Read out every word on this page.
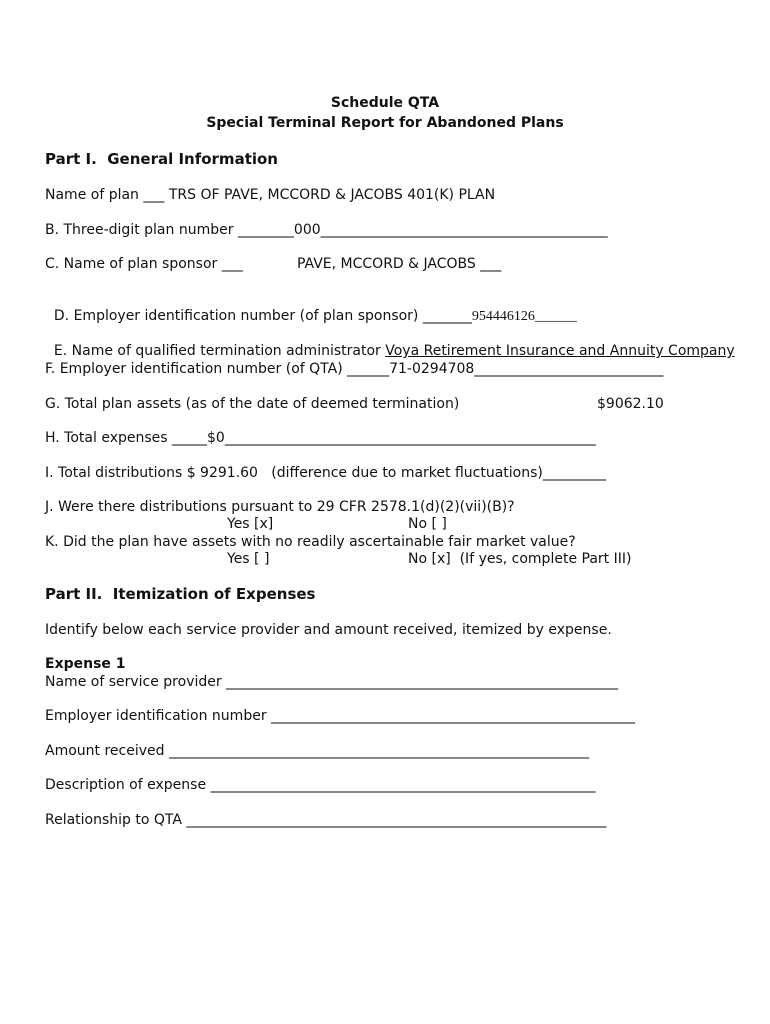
Schedule QTA
Special Terminal Report for Abandoned Plans
Part I.  General Information
Name of plan ___ TRS OF PAVE, MCCORD & JACOBS 401(K) PLAN
B. Three-digit plan number ________000_________________________________________
C. Name of plan sponsor ___	PAVE, MCCORD & JACOBS ___

D. Employer identification number (of plan sponsor) _______954446126______

E. Name of qualified termination administrator Voya Retirement Insurance and Annuity Company

F. Employer identification number (of QTA) ______71-0294708___________________________
G. Total plan assets (as of the date of deemed termination)	$9062.10
H. Total expenses _____$0_____________________________________________________
I. Total distributions $ 9291.60   (difference due to market fluctuations)_________
J. Were there distributions pursuant to 29 CFR 2578.1(d)(2)(vii)(B)?
Yes [x]	No [ ]
K. Did the plan have assets with no readily ascertainable fair market value?
Yes [ ]	No [x]  (If yes, complete Part III)
Part II.  Itemization of Expenses
Identify below each service provider and amount received, itemized by expense.
Expense 1
Name of service provider ________________________________________________________
Employer identification number ____________________________________________________
Amount received ____________________________________________________________
Description of expense _______________________________________________________
Relationship to QTA ____________________________________________________________
